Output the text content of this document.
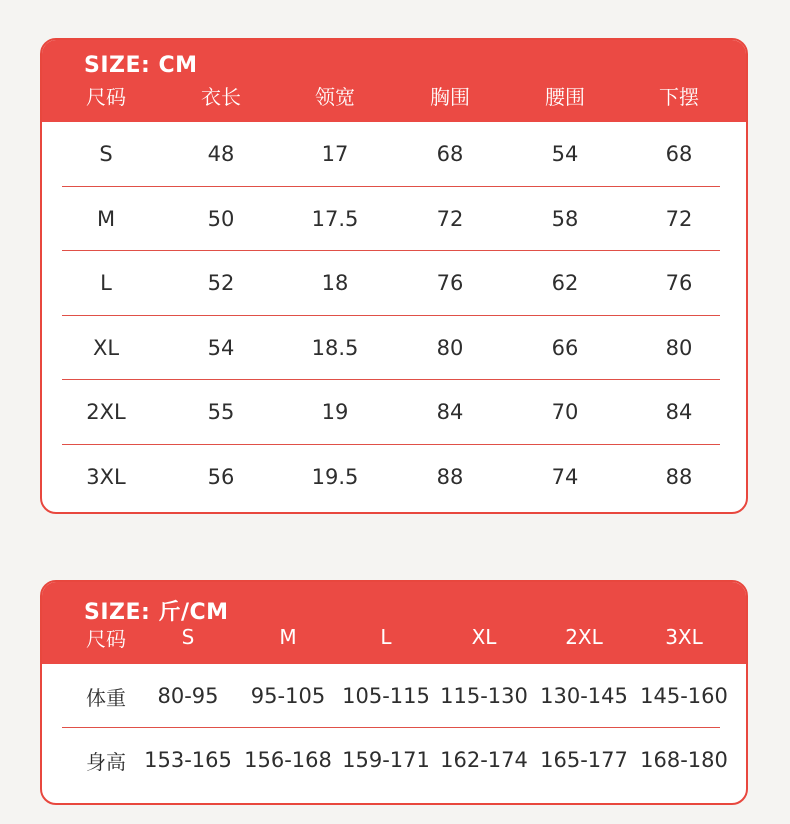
SIZE: CM
尺码	衣长	领宽	胸围	腰围	下摆
S	48	17	68	54	68
M	50	17.5	72	58	72
L	52	18	76	62	76
XL	54	18.5	80	66	80
2XL	55	19	84	70	84
3XL	56	19.5	88	74	88
SIZE: 斤/CM
尺码	S	M	L	XL	2XL	3XL
体重	80-95	95-105 105-115 115-130 130-145 145-160
身高 153-165 156-168 159-171 162-174 165-177 168-180
